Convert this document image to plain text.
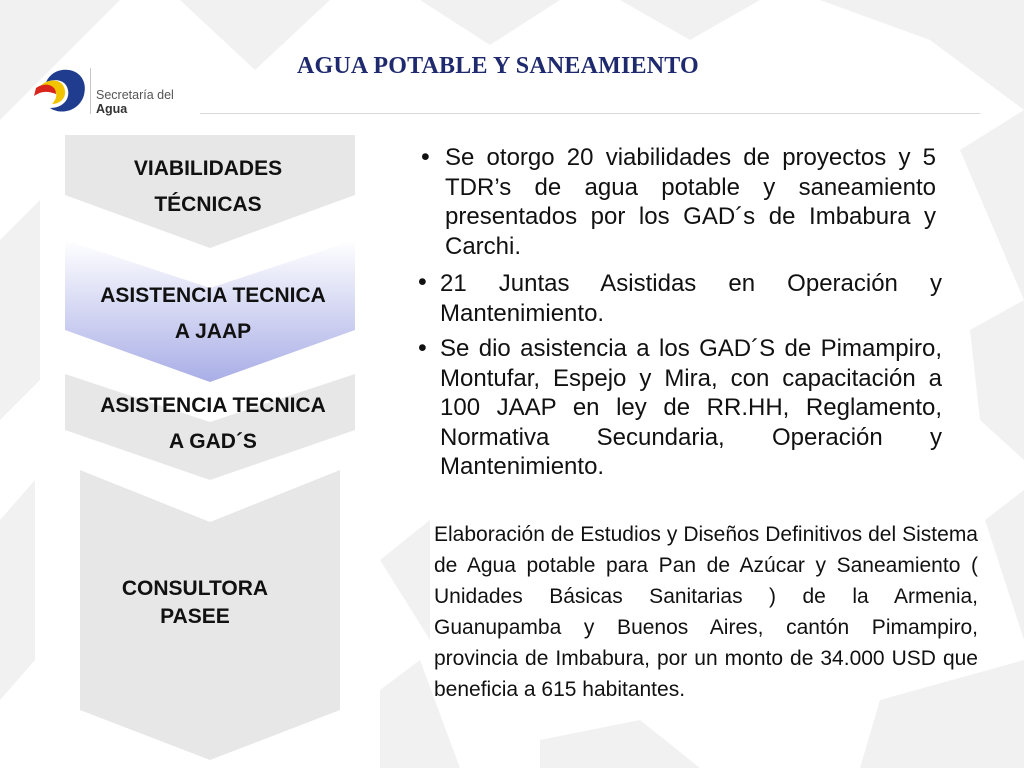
Secretaría del
Agua
AGUA POTABLE Y SANEAMIENTO
VIABILIDADES
TÉCNICAS
ASISTENCIA TECNICA
A JAAP
ASISTENCIA TECNICA
A GAD´S
CONSULTORA
PASEE
• Se otorgo 20 viabilidades de proyectos y 5 TDR’s de agua potable y saneamiento presentados por los GAD´s de Imbabura y Carchi.
• 21 Juntas Asistidas en Operación y Mantenimiento.
• Se dio asistencia a los GAD´S de Pimampiro, Montufar, Espejo y Mira, con capacitación a 100 JAAP en ley de RR.HH, Reglamento, Normativa Secundaria, Operación y Mantenimiento.
Elaboración de Estudios y Diseños Definitivos del Sistema de Agua potable para Pan de Azúcar y Saneamiento ( Unidades Básicas Sanitarias ) de la Armenia, Guanupamba y Buenos Aires, cantón Pimampiro, provincia de Imbabura, por un monto de 34.000 USD que beneficia a 615 habitantes.
